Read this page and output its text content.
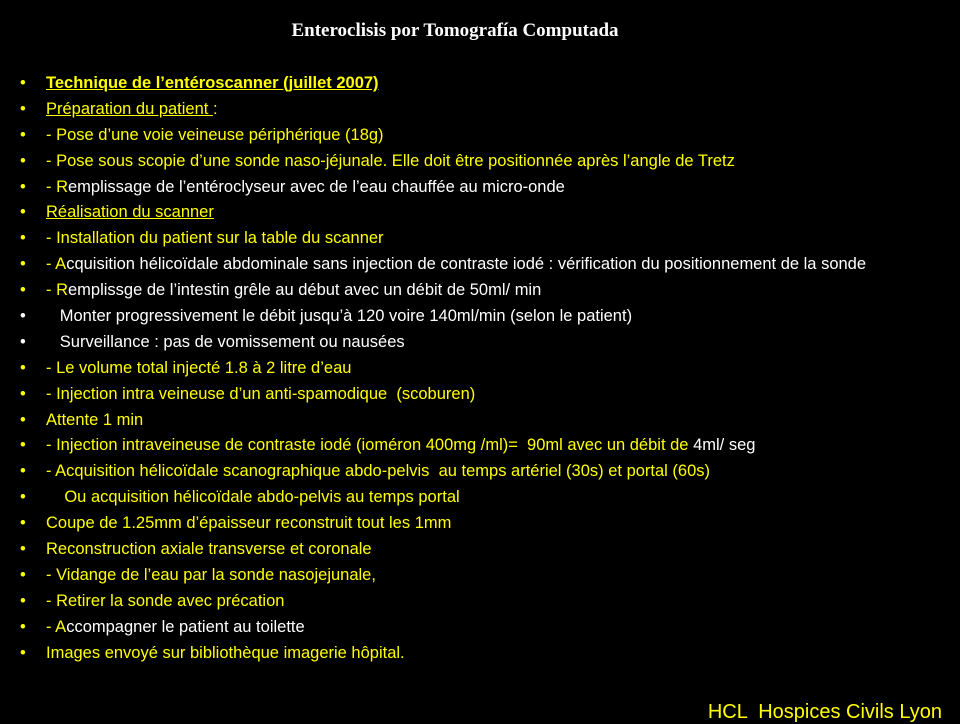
Enteroclisis por Tomografía Computada
• Technique de l’entéroscanner (juillet 2007)
• Préparation du patient :
• - Pose d’une voie veineuse périphérique (18g)
• - Pose sous scopie d’une sonde naso-jéjunale. Elle doit être positionnée après l’angle de Tretz
• - Remplissage de l’entéroclyseur avec de l’eau chauffée au micro-onde
• Réalisation du scanner
• - Installation du patient sur la table du scanner
• - Acquisition hélicoïdale abdominale sans injection de contraste iodé : vérification du positionnement de la sonde
• - Remplissge de l’intestin grêle au début avec un débit de 50ml/ min
• Monter progressivement le débit jusqu’à 120 voire 140ml/min (selon le patient)
• Surveillance : pas de vomissement ou nausées
• - Le volume total injecté 1.8 à 2 litre d’eau
• - Injection intra veineuse d’un anti-spamodique  (scoburen)
• Attente 1 min
• - Injection intraveineuse de contraste iodé (ioméron 400mg /ml)=  90ml avec un débit de 4ml/ seg
• - Acquisition hélicoïdale scanographique abdo-pelvis  au temps artériel (30s) et portal (60s)
• Ou acquisition hélicoïdale abdo-pelvis au temps portal
• Coupe de 1.25mm d’épaisseur reconstruit tout les 1mm
• Reconstruction axiale transverse et coronale
• - Vidange de l’eau par la sonde nasojejunale,
• - Retirer la sonde avec précation
• - Accompagner le patient au toilette
• Images envoyé sur bibliothèque imagerie hôpital.
HCL  Hospices Civils Lyon
